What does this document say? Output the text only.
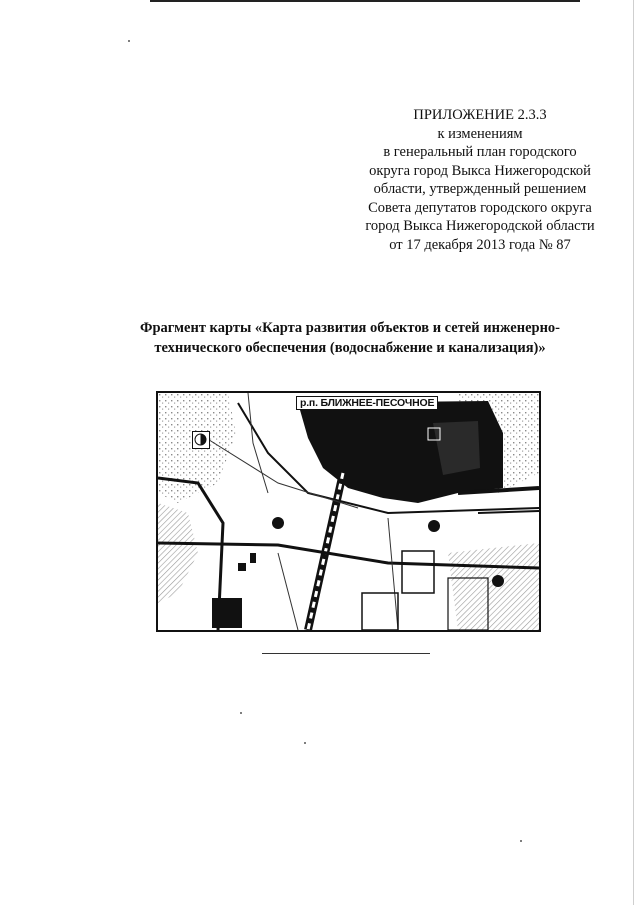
ПРИЛОЖЕНИЕ 2.3.3
к изменениям
в генеральный план городского
округа город Выкса Нижегородской
области, утвержденный решением
Совета депутатов городского округа
город Выкса Нижегородской области
от 17 декабря 2013 года № 87
Фрагмент карты «Карта развития объектов и сетей инженерно-
технического обеспечения (водоснабжение и канализация)»
р.п. БЛИЖНЕЕ-ПЕСОЧНОЕ
